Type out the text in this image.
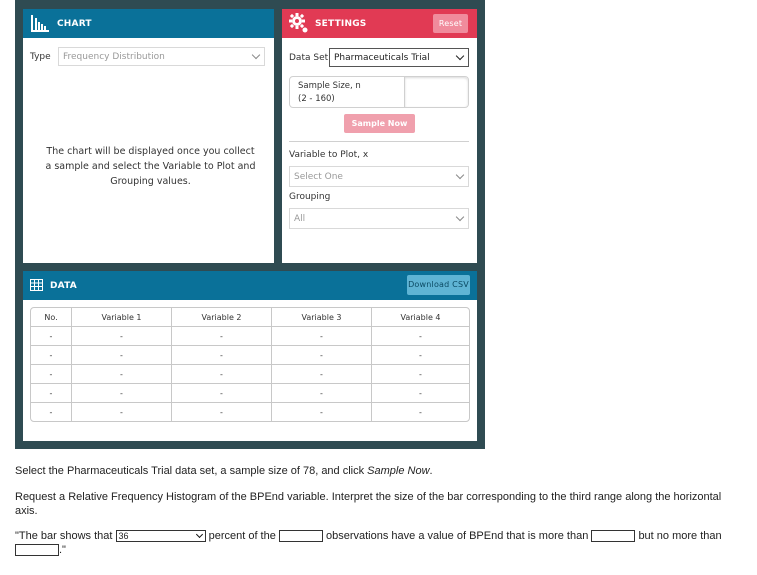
CHART
Type	Frequency Distribution
The chart will be displayed once you collect a sample and select the Variable to Plot and Grouping values.
SETTINGS	Reset
Data Set Pharmaceuticals Trial
Sample Size, n
(2 - 160)
Sample Now
Variable to Plot, x
Select One
Grouping
All
DATA	Download CSV
No.	Variable 1	Variable 2	Variable 3	Variable 4
-	-	-	-	-
-	-	-	-	-
-	-	-	-	-
-	-	-	-	-
-	-	-	-	-
Select the Pharmaceuticals Trial data set, a sample size of 78, and click Sample Now.
Request a Relative Frequency Histogram of the BPEnd variable. Interpret the size of the bar corresponding to the third range along the horizontal axis.
"The bar shows that 36	percent of the	observations have a value of BPEnd that is more than	but no more than ."
